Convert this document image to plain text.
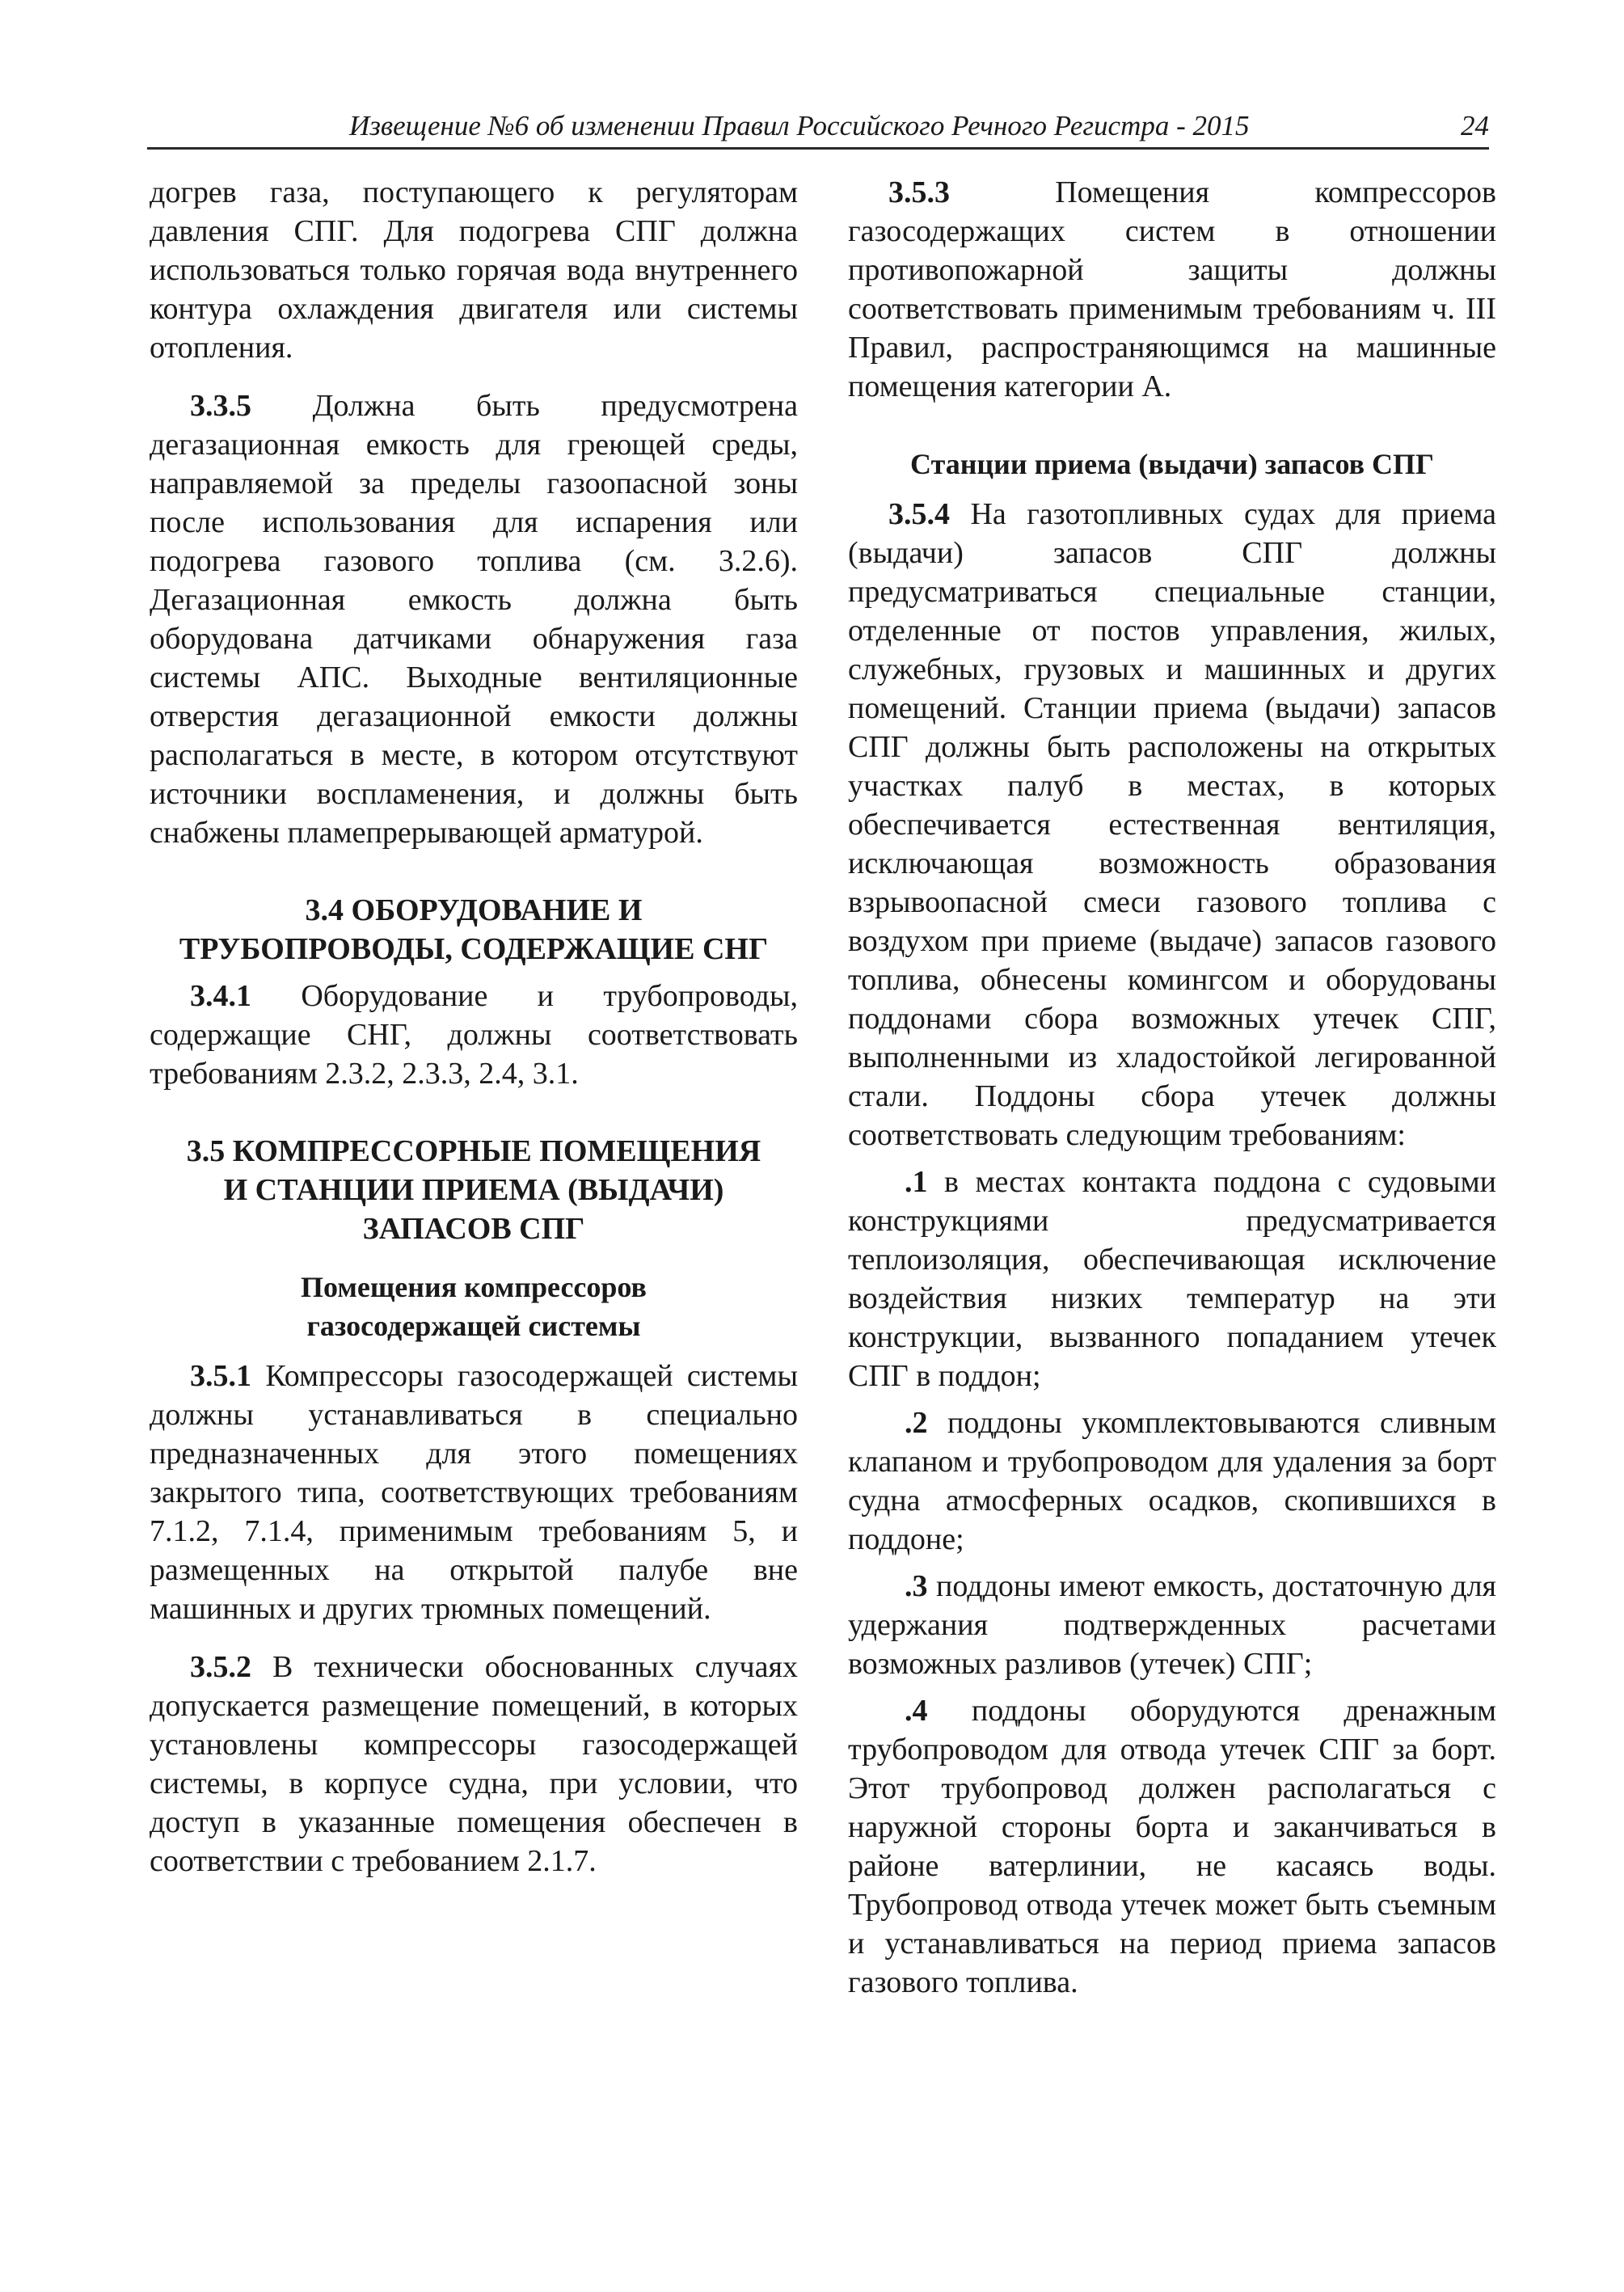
Извещение №6 об изменении Правил Российского Речного Регистра - 2015	24

догрев газа, поступающего к регуляторам давления СПГ. Для подогрева СПГ должна использоваться только горячая вода внутреннего контура охлаждения двигателя или системы отопления.

3.3.5 Должна быть предусмотрена дегазационная емкость для греющей среды, направляемой за пределы газоопасной зоны после использования для испарения или подогрева газового топлива (см. 3.2.6). Дегазационная емкость должна быть оборудована датчиками обнаружения газа системы АПС. Выходные вентиляционные отверстия дегазационной емкости должны располагаться в месте, в котором отсутствуют источники воспламенения, и должны быть снабжены пламепрерывающей арматурой.

3.4 ОБОРУДОВАНИЕ И

ТРУБОПРОВОДЫ, СОДЕРЖАЩИЕ СНГ

3.4.1 Оборудование и трубопроводы, содержащие СНГ, должны соответствовать требованиям 2.3.2, 2.3.3, 2.4, 3.1.

3.5 КОМПРЕССОРНЫЕ ПОМЕЩЕНИЯ

И СТАНЦИИ ПРИЕМА (ВЫДАЧИ)

ЗАПАСОВ СПГ

Помещения компрессоров

газосодержащей системы

3.5.1 Компрессоры газосодержащей системы должны устанавливаться в специально предназначенных для этого помещениях закрытого типа, соответствующих требованиям 7.1.2, 7.1.4, применимым требованиям 5, и размещенных на открытой палубе вне машинных и других трюмных помещений.

3.5.2 В технически обоснованных случаях допускается размещение помещений, в которых установлены компрессоры газосодержащей системы, в корпусе судна, при условии, что доступ в указанные помещения обеспечен в соответствии с требованием 2.1.7.

3.5.3	Помещения компрессоров газосодержащих систем в отношении противопожарной защиты должны соответствовать применимым требованиям ч. III Правил, распространяющимся на машинные помещения категории А.

Станции приема (выдачи) запасов СПГ

3.5.4 На газотопливных судах для приема (выдачи) запасов СПГ должны предусматриваться специальные станции, отделенные от постов управления, жилых, служебных, грузовых и машинных и других помещений. Станции приема (выдачи) запасов СПГ должны быть расположены на открытых участках палуб в местах, в которых обеспечивается естественная вентиляция, исключающая возможность образования взрывоопасной смеси газового топлива с воздухом при приеме (выдаче) запасов газового топлива, обнесены комингсом и оборудованы поддонами сбора возможных утечек СПГ, выполненными из хладостойкой легированной стали. Поддоны сбора утечек должны соответствовать следующим требованиям:

.1 в местах контакта поддона с судовыми конструкциями предусматривается теплоизоляция, обеспечивающая исключение воздействия низких температур на эти конструкции, вызванного попаданием утечек СПГ в поддон;

.2 поддоны укомплектовываются сливным клапаном и трубопроводом для удаления за борт судна атмосферных осадков, скопившихся в поддоне;

.3 поддоны имеют емкость, достаточную для удержания подтвержденных расчетами возможных разливов (утечек) СПГ;

.4 поддоны оборудуются дренажным трубопроводом для отвода утечек СПГ за борт. Этот трубопровод должен располагаться с наружной стороны борта и заканчиваться в районе ватерлинии, не касаясь воды. Трубопровод отвода утечек может быть съемным и устанавливаться на период приема запасов газового топлива.
